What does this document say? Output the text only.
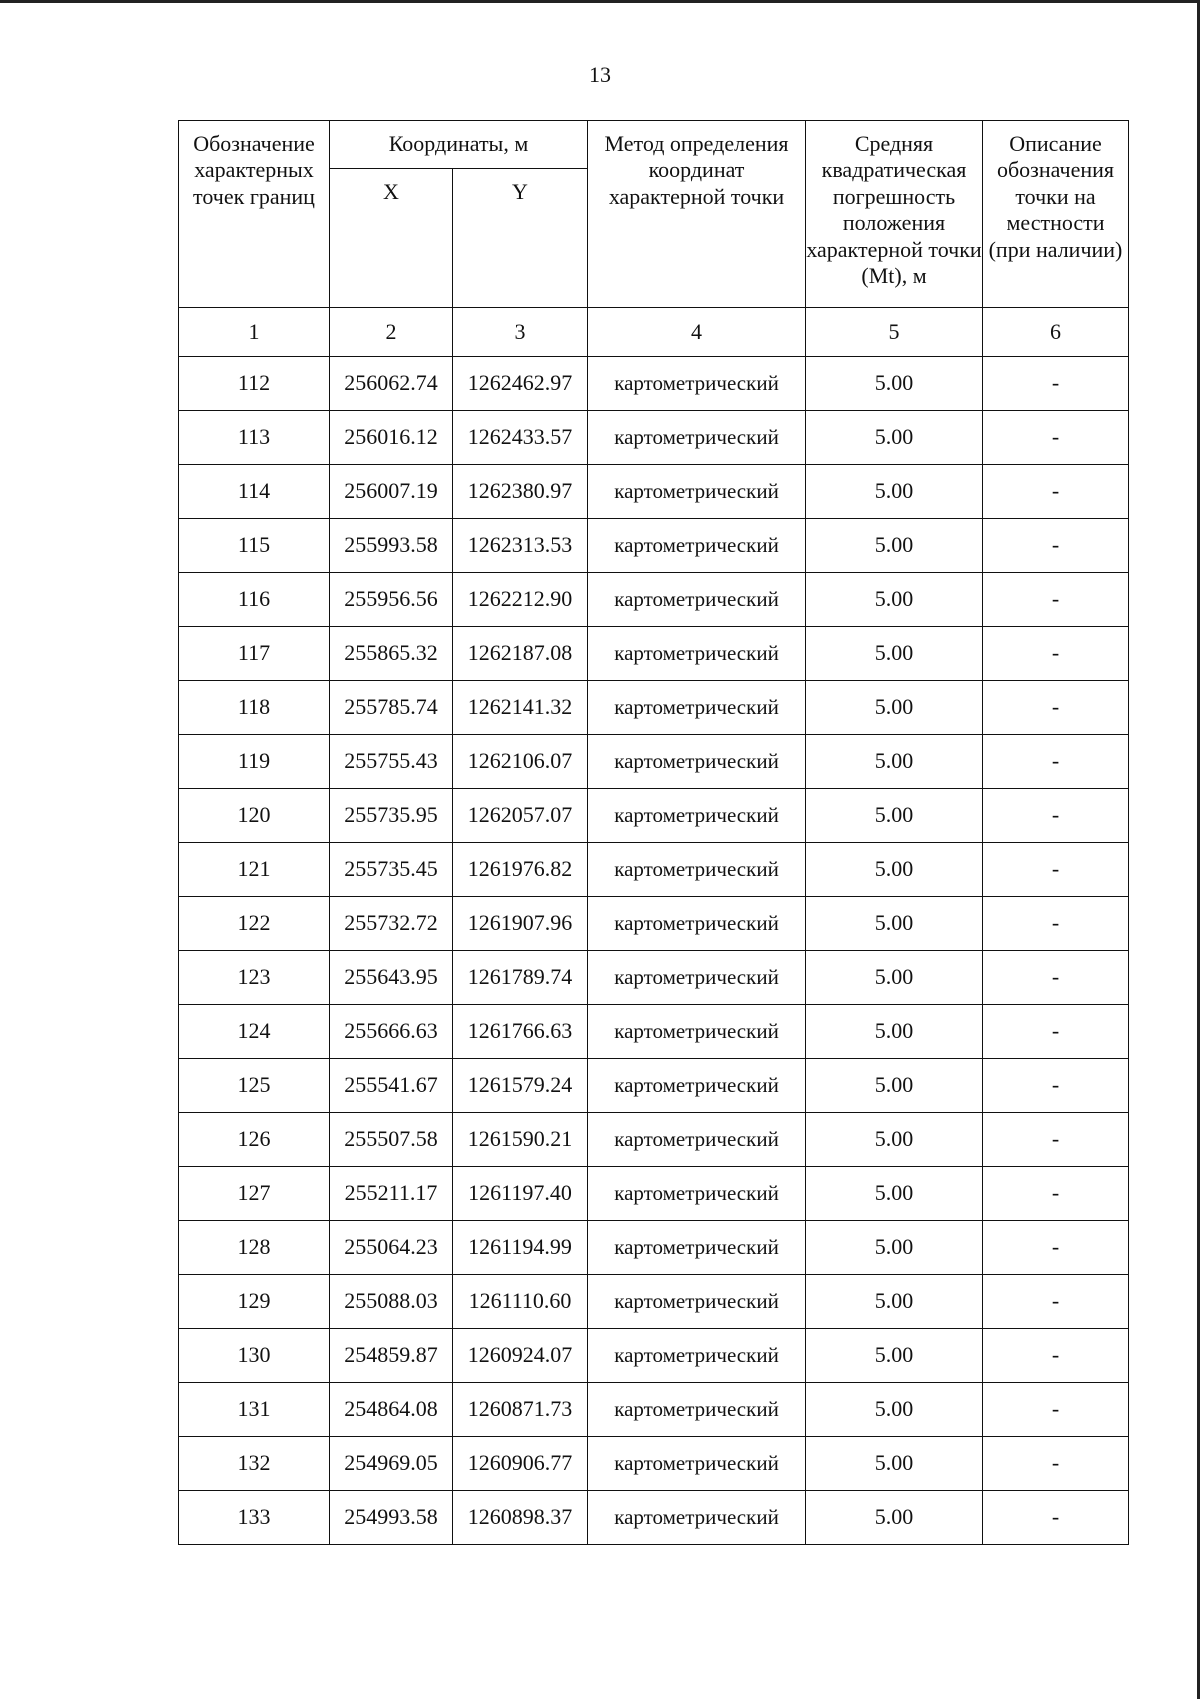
13
Обозначение характерных точек границ	Координаты, м		Метод определения координат характерной точки	Средняя квадратическая погрешность положения характерной точки (Mt), м	Описание обозначения точки на местности (при наличии)
	X	Y			
1	2	3	4	5	6
112	256062.74	1262462.97	картометрический	5.00	-
113	256016.12	1262433.57	картометрический	5.00	-
114	256007.19	1262380.97	картометрический	5.00	-
115	255993.58	1262313.53	картометрический	5.00	-
116	255956.56	1262212.90	картометрический	5.00	-
117	255865.32	1262187.08	картометрический	5.00	-
118	255785.74	1262141.32	картометрический	5.00	-
119	255755.43	1262106.07	картометрический	5.00	-
120	255735.95	1262057.07	картометрический	5.00	-
121	255735.45	1261976.82	картометрический	5.00	-
122	255732.72	1261907.96	картометрический	5.00	-
123	255643.95	1261789.74	картометрический	5.00	-
124	255666.63	1261766.63	картометрический	5.00	-
125	255541.67	1261579.24	картометрический	5.00	-
126	255507.58	1261590.21	картометрический	5.00	-
127	255211.17	1261197.40	картометрический	5.00	-
128	255064.23	1261194.99	картометрический	5.00	-
129	255088.03	1261110.60	картометрический	5.00	-
130	254859.87	1260924.07	картометрический	5.00	-
131	254864.08	1260871.73	картометрический	5.00	-
132	254969.05	1260906.77	картометрический	5.00	-
133	254993.58	1260898.37	картометрический	5.00	-
